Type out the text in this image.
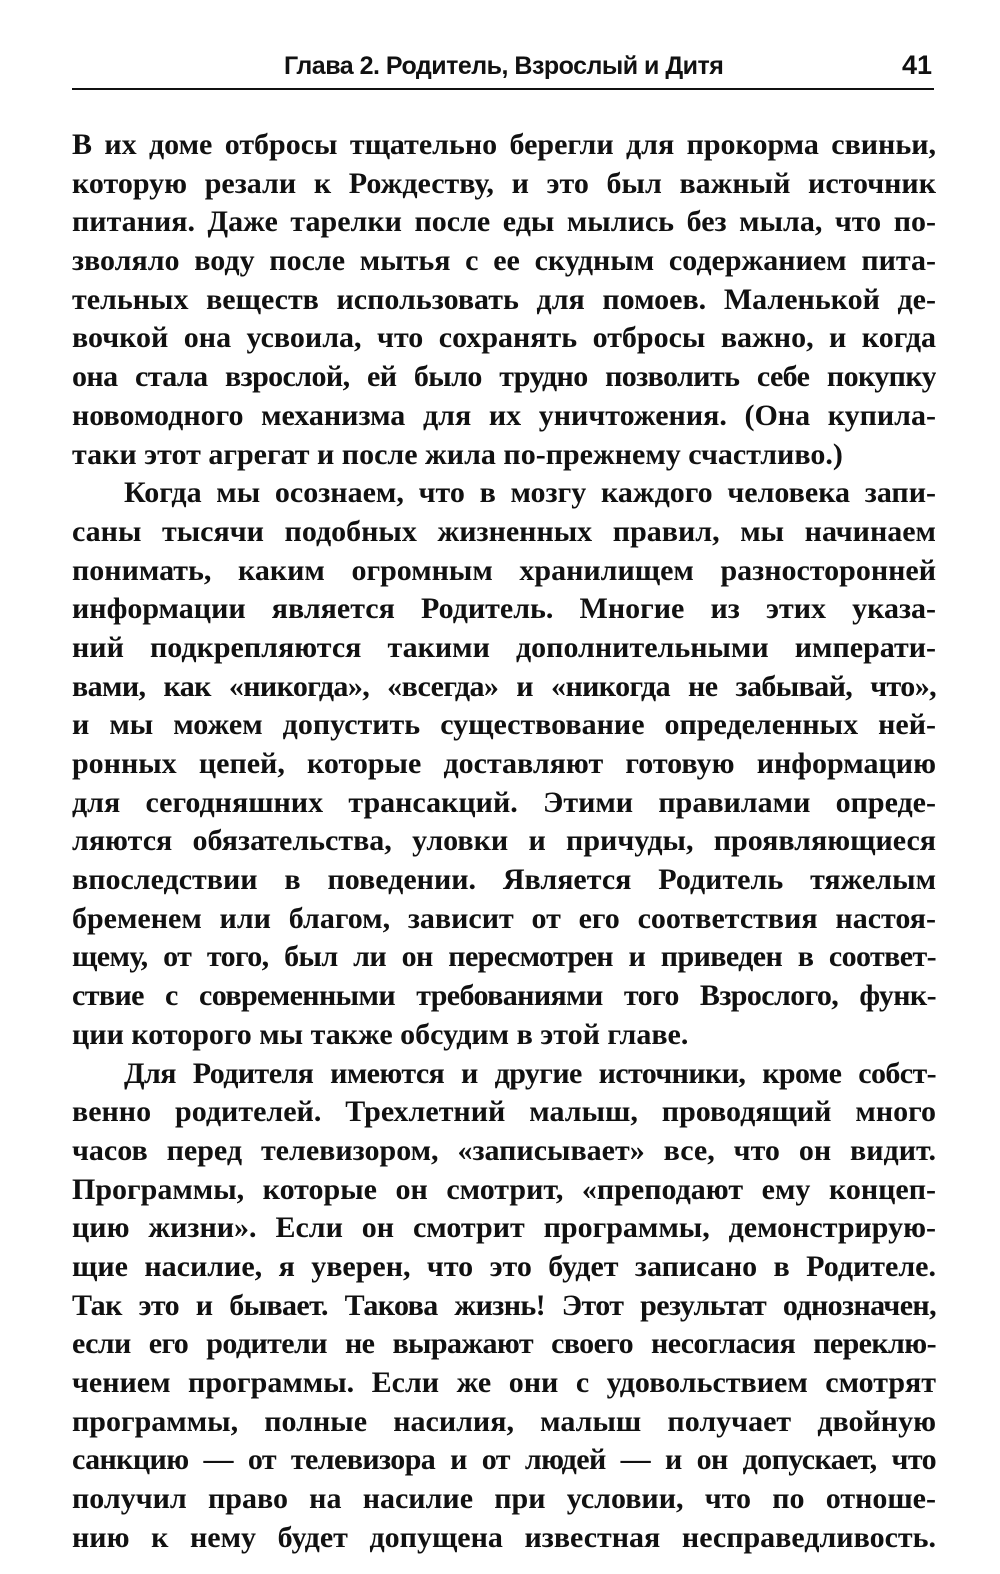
Глава 2. Родитель, Взрослый и Дитя	41
В их доме отбросы тщательно берегли для прокорма свиньи,
которую резали к Рождеству, и это был важный источник
питания. Даже тарелки после еды мылись без мыла, что по-
зволяло воду после мытья с ее скудным содержанием пита-
тельных веществ использовать для помоев. Маленькой де-
вочкой она усвоила, что сохранять отбросы важно, и когда
она стала взрослой, ей было трудно позволить себе покупку
новомодного механизма для их уничтожения. (Она купила-
таки этот агрегат и после жила по-прежнему счастливо.)
Когда мы осознаем, что в мозгу каждого человека запи-
саны тысячи подобных жизненных правил, мы начинаем
понимать, каким огромным хранилищем разносторонней
информации является Родитель. Многие из этих указа-
ний подкрепляются такими дополнительными императи-
вами, как «никогда», «всегда» и «никогда не забывай, что»,
и мы можем допустить существование определенных ней-
ронных цепей, которые доставляют готовую информацию
для сегодняшних трансакций. Этими правилами опреде-
ляются обязательства, уловки и причуды, проявляющиеся
впоследствии в поведении. Является Родитель тяжелым
бременем или благом, зависит от его соответствия настоя-
щему, от того, был ли он пересмотрен и приведен в соответ-
ствие с современными требованиями того Взрослого, функ-
ции которого мы также обсудим в этой главе.
Для Родителя имеются и другие источники, кроме собст-
венно родителей. Трехлетний малыш, проводящий много
часов перед телевизором, «записывает» все, что он видит.
Программы, которые он смотрит, «преподают ему концеп-
цию жизни». Если он смотрит программы, демонстрирую-
щие насилие, я уверен, что это будет записано в Родителе.
Так это и бывает. Такова жизнь! Этот результат однозначен,
если его родители не выражают своего несогласия переклю-
чением программы. Если же они с удовольствием смотрят
программы, полные насилия, малыш получает двойную
санкцию — от телевизора и от людей — и он допускает, что
получил право на насилие при условии, что по отноше-
нию к нему будет допущена известная несправедливость.
